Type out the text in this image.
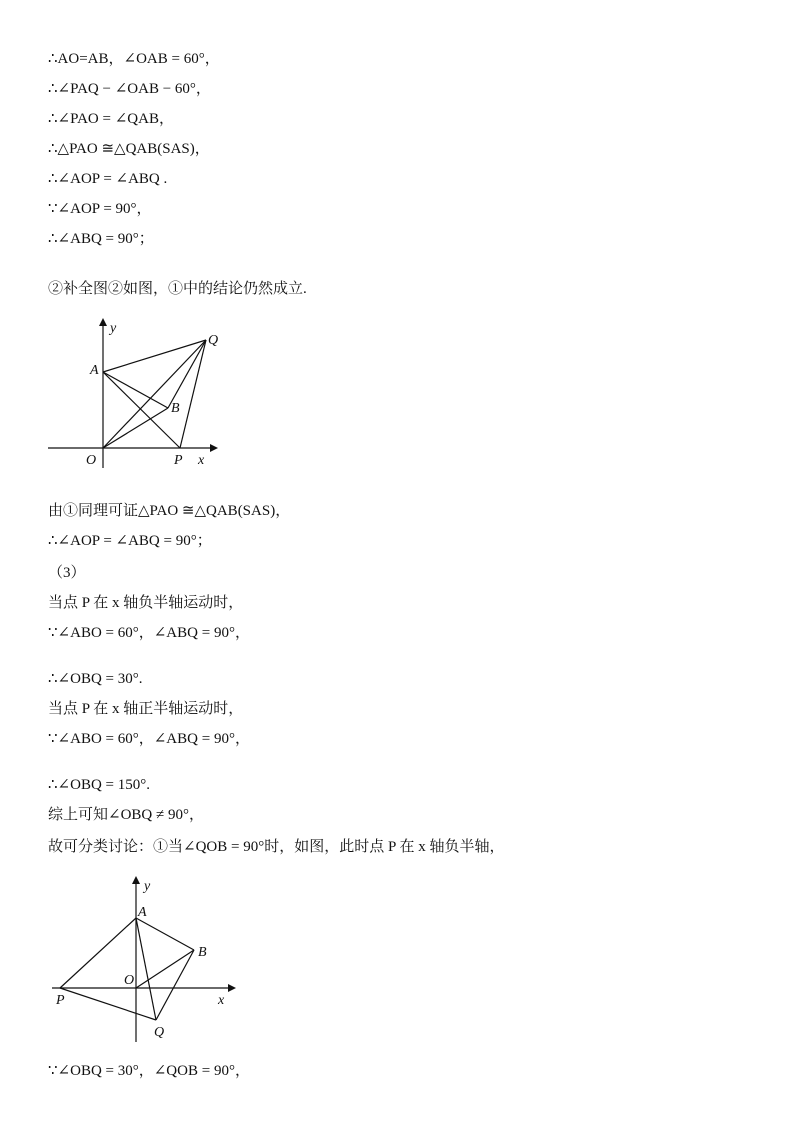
∴AO=AB，∠OAB = 60°，
∴∠PAQ − ∠OAB − 60°，
∴∠PAO = ∠QAB，
∴△PAO ≅△QAB(SAS)，
∴∠AOP = ∠ABQ .
∵∠AOP = 90°，
∴∠ABQ = 90°；
②补全图②如图，①中的结论仍然成立.
y
Q
A
B
O	P x
由①同理可证△PAO ≅△QAB(SAS)，
∴∠AOP = ∠ABQ = 90°；
（3）
当点 P 在 x 轴负半轴运动时，
∵∠ABO = 60°，∠ABQ = 90°，
∴∠OBQ = 30°.
当点 P 在 x 轴正半轴运动时，
∵∠ABO = 60°，∠ABQ = 90°，
∴∠OBQ = 150°.
综上可知∠OBQ ≠ 90°，
故可分类讨论：①当∠QOB = 90°时，如图，此时点 P 在 x 轴负半轴，
y
A
B
O
P	x
Q
∵∠OBQ = 30°，∠QOB = 90°，
